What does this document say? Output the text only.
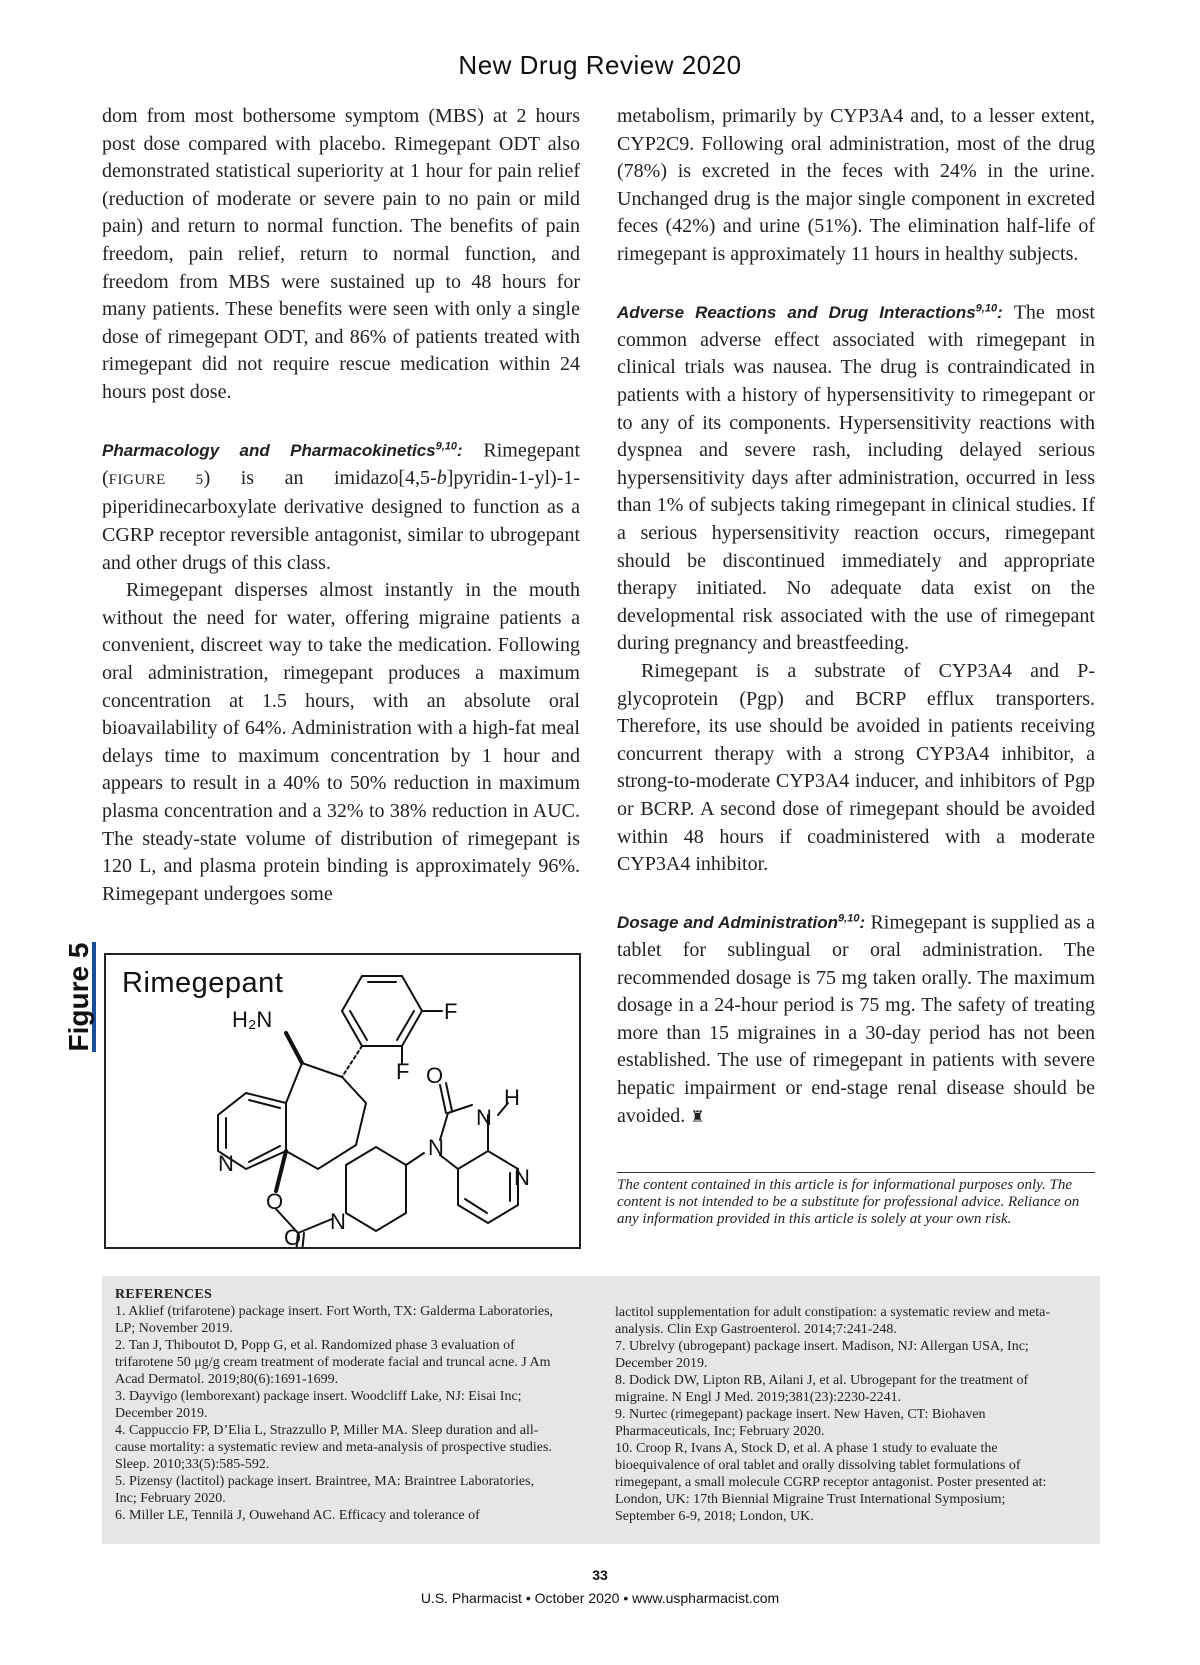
New Drug Review 2020

dom from most bothersome symptom (MBS) at 2 hours post dose compared with placebo. Rimegepant ODT also demonstrated statistical superiority at 1 hour for pain relief (reduction of moderate or severe pain to no pain or mild pain) and return to normal function. The benefits of pain freedom, pain relief, return to normal function, and freedom from MBS were sustained up to 48 hours for many patients. These benefits were seen with only a single dose of rimegepant ODT, and 86% of patients treated with rimegepant did not require rescue medication within 24 hours post dose.

Pharmacology and Pharmacokinetics$^{9,10}$: Rimegepant (FIGURE 5) is an imidazo[4,5-b]pyridin-1-yl)-1-piperidinecarboxylate derivative designed to function as a CGRP receptor reversible antagonist, similar to ubrogepant and other drugs of this class.

Rimegepant disperses almost instantly in the mouth without the need for water, offering migraine patients a convenient, discreet way to take the medication. Following oral administration, rimegepant produces a maximum concentration at 1.5 hours, with an absolute oral bioavailability of 64%. Administration with a high-fat meal delays time to maximum concentration by 1 hour and appears to result in a 40% to 50% reduction in maximum plasma concentration and a 32% to 38% reduction in AUC. The steady-state volume of distribution of rimegepant is 120 L, and plasma protein binding is approximately 96%. Rimegepant undergoes some

metabolism, primarily by CYP3A4 and, to a lesser extent, CYP2C9. Following oral administration, most of the drug (78%) is excreted in the feces with 24% in the urine. Unchanged drug is the major single component in excreted feces (42%) and urine (51%). The elimination half-life of rimegepant is approximately 11 hours in healthy subjects.

Adverse Reactions and Drug Interactions$^{9,10}$: The most common adverse effect associated with rimegepant in clinical trials was nausea. The drug is contraindicated in patients with a history of hypersensitivity to rimegepant or to any of its components. Hypersensitivity reactions with dyspnea and severe rash, including delayed serious hypersensitivity days after administration, occurred in less than 1% of subjects taking rimegepant in clinical studies. If a serious hypersensitivity reaction occurs, rimegepant should be discontinued immediately and appropriate therapy initiated. No adequate data exist on the developmental risk associated with the use of rimegepant during pregnancy and breastfeeding.

Rimegepant is a substrate of CYP3A4 and P-glycoprotein (Pgp) and BCRP efflux transporters. Therefore, its use should be avoided in patients receiving concurrent therapy with a strong CYP3A4 inhibitor, a strong-to-moderate CYP3A4 inducer, and inhibitors of Pgp or BCRP. A second dose of rimegepant should be avoided within 48 hours if coadministered with a moderate CYP3A4 inhibitor.

Dosage and Administration$^{9,10}$: Rimegepant is supplied as a tablet for sublingual or oral administration. The recommended dosage is 75 mg taken orally. The maximum dosage in a 24-hour period is 75 mg. The safety of treating more than 15 migraines in a 30-day period has not been established. The use of rimegepant in patients with severe hepatic impairment or end-stage renal disease should be avoided. ♜

The content contained in this article is for informational purposes only. The content is not intended to be a substitute for professional advice. Reliance on any information provided in this article is solely at your own risk.
Figure 5 Rimegepant
H₂N	F
F
N
O
O
N
O
H
N
N
N
REFERENCES
1. Aklief (trifarotene) package insert. Fort Worth, TX: Galderma Laboratories, LP; November 2019.
2. Tan J, Thiboutot D, Popp G, et al. Randomized phase 3 evaluation of trifarotene 50 μg/g cream treatment of moderate facial and truncal acne. J Am Acad Dermatol. 2019;80(6):1691-1699.
3. Dayvigo (lemborexant) package insert. Woodcliff Lake, NJ: Eisai Inc; December 2019.
4. Cappuccio FP, D’Elia L, Strazzullo P, Miller MA. Sleep duration and all-cause mortality: a systematic review and meta-analysis of prospective studies. Sleep. 2010;33(5):585-592.
5. Pizensy (lactitol) package insert. Braintree, MA: Braintree Laboratories, Inc; February 2020.
6. Miller LE, Tennilä J, Ouwehand AC. Efficacy and tolerance of
lactitol supplementation for adult constipation: a systematic review and meta-analysis. Clin Exp Gastroenterol. 2014;7:241-248.
7. Ubrelvy (ubrogepant) package insert. Madison, NJ: Allergan USA, Inc; December 2019.
8. Dodick DW, Lipton RB, Ailani J, et al. Ubrogepant for the treatment of migraine. N Engl J Med. 2019;381(23):2230-2241.
9. Nurtec (rimegepant) package insert. New Haven, CT: Biohaven Pharmaceuticals, Inc; February 2020.
10. Croop R, Ivans A, Stock D, et al. A phase 1 study to evaluate the bioequivalence of oral tablet and orally dissolving tablet formulations of rimegepant, a small molecule CGRP receptor antagonist. Poster presented at: London, UK: 17th Biennial Migraine Trust International Symposium; September 6-9, 2018; London, UK.
33
U.S. Pharmacist • October 2020 • www.uspharmacist.com
